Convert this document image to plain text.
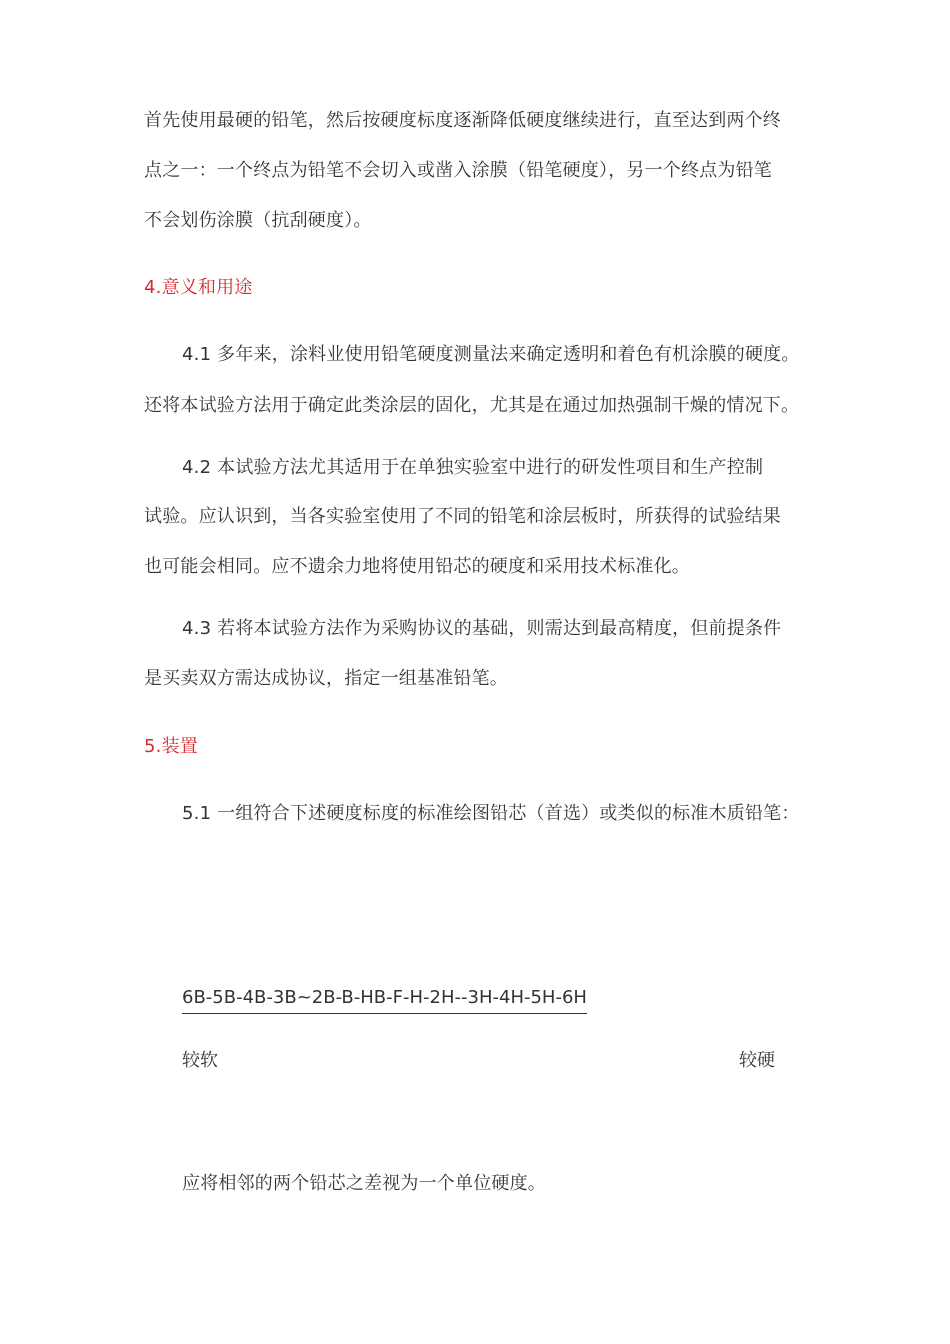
首先使用最硬的铅笔，然后按硬度标度逐渐降低硬度继续进行，直至达到两个终
点之一：一个终点为铅笔不会切入或凿入涂膜（铅笔硬度），另一个终点为铅笔
不会划伤涂膜（抗刮硬度）。
4.意义和用途
4.1 多年来，涂料业使用铅笔硬度测量法来确定透明和着色有机涂膜的硬度。
还将本试验方法用于确定此类涂层的固化，尤其是在通过加热强制干燥的情况下。
4.2 本试验方法尤其适用于在单独实验室中进行的研发性项目和生产控制
试验。应认识到，当各实验室使用了不同的铅笔和涂层板时，所获得的试验结果
也可能会相同。应不遗余力地将使用铅芯的硬度和采用技术标准化。
4.3 若将本试验方法作为采购协议的基础，则需达到最高精度，但前提条件
是买卖双方需达成协议，指定一组基准铅笔。
5.装置
5.1 一组符合下述硬度标度的标准绘图铅芯（首选）或类似的标准木质铅笔：
6B-5B-4B-3B~2B-B-HB-F-H-2H--3H-4H-5H-6H
较软	较硬
应将相邻的两个铅芯之差视为一个单位硬度。
